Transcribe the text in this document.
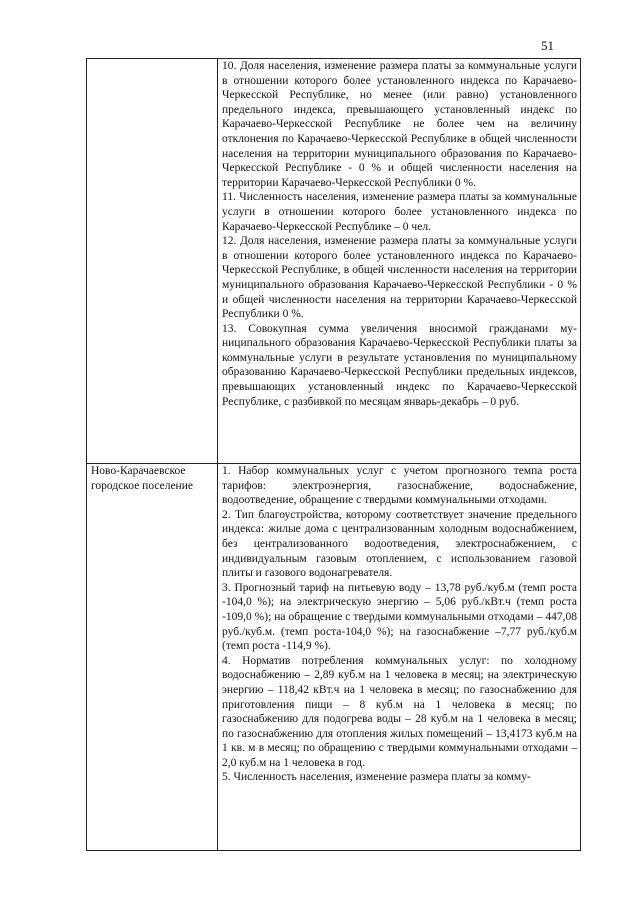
51

	10. Доля населения, изменение размера платы за коммунальные услуги в отношении которого более установленного индекса по Карачаево-Черкесской Республике, но менее (или равно) установленного предельного индекса, превышающего установленный индекс по Карачаево-Черкесской Республике не более чем на величину отклонения по Карачаево-Черкесской Республике в общей численности населения на территории муниципального образования по Карачаево-Черкесской Республике - 0 % и общей численности населения на территории Карачаево-Черкесской Республики 0 %.

11. Численность населения, изменение размера платы за коммунальные услуги в отношении которого более установленного индекса по Карачаево-Черкесской Республике – 0 чел.

12. Доля населения, изменение размера платы за коммунальные услуги в отношении которого более установленного индекса по Карачаево-Черкесской Республике, в общей численности населения на территории муниципального образования Карачаево-Черкесской Республики - 0 % и общей численности населения на территории Карачаево-Черкесской Республики 0 %.

13. Совокупная сумма увеличения вносимой гражданами муниципального образования Карачаево-Черкесской Республики платы за коммунальные услуги в результате установления по муниципальному образованию Карачаево-Черкесской Республики предельных индексов, превышающих установленный индекс по Карачаево-Черкесской Республике, с разбивкой по месяцам январь-декабрь – 0 руб.

Ново-Карачаевское городское поселение	1. Набор коммунальных услуг с учетом прогнозного темпа роста тарифов: электроэнергия, газоснабжение, водоснабжение, водоотведение, обращение с твердыми коммунальными отходами.

2. Тип благоустройства, которому соответствует значение предельного индекса: жилые дома с централизованным холодным водоснабжением, без централизованного водоотведения, электроснабжением, с индивидуальным газовым отоплением, с использованием газовой плиты и газового водонагревателя.

3. Прогнозный тариф на питьевую воду – 13,78 руб./куб.м (темп роста -104,0 %); на электрическую энергию – 5,06 руб./кВт.ч (темп роста -109,0 %); на обращение с твердыми коммунальными отходами – 447,08 руб./куб.м. (темп роста-104,0 %); на газоснабжение –7,77 руб./куб.м (темп роста -114,9 %).

4. Норматив потребления коммунальных услуг: по холодному водоснабжению – 2,89 куб.м на 1 человека в месяц; на электрическую энергию – 118,42 кВт.ч на 1 человека в месяц; по газоснабжению для приготовления пищи – 8 куб.м на 1 человека в месяц; по газоснабжению для подогрева воды – 28 куб.м на 1 человека в месяц; по газоснабжению для отопления жилых помещений – 13,4173 куб.м на 1 кв. м в месяц; по обращению с твердыми коммунальными отходами – 2,0 куб.м на 1 человека в год.

5. Численность населения, изменение размера платы за комму-
